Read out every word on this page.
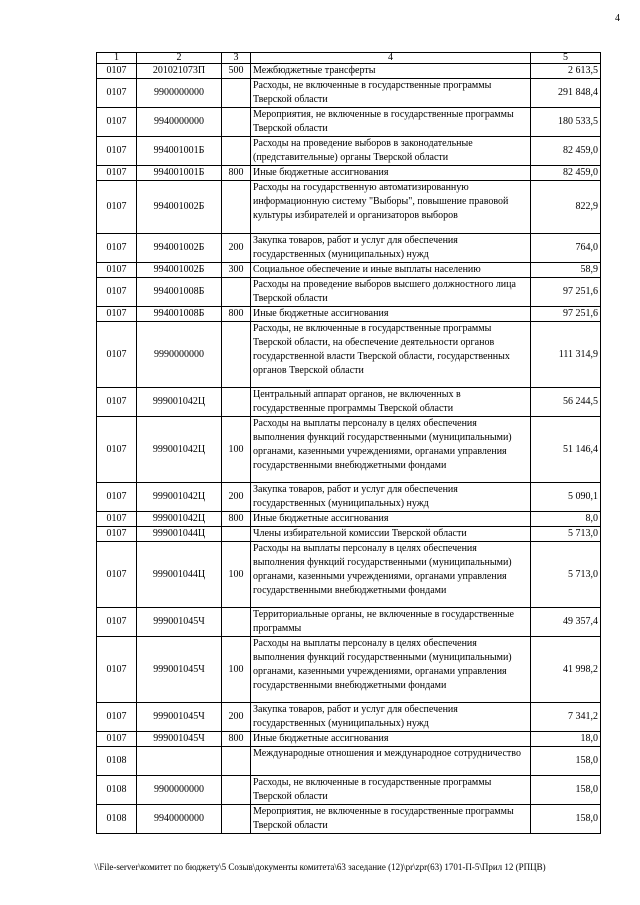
4
1	2	3	4	5
0107	201021073П	500	Межбюджетные трансферты	2 613,5
0107	9900000000		Расходы, не включенные в государственные программы Тверской области	291 848,4
0107	9940000000		Мероприятия, не включенные в государственные программы Тверской области	180 533,5
0107	994001001Б		Расходы на проведение выборов в законодательные (представительные) органы Тверской области	82 459,0
0107	994001001Б	800	Иные бюджетные ассигнования	82 459,0
0107	994001002Б		Расходы на государственную автоматизированную информационную систему "Выборы", повышение правовой культуры избирателей и организаторов выборов	822,9
0107	994001002Б	200	Закупка товаров, работ и услуг для обеспечения государственных (муниципальных) нужд	764,0
0107	994001002Б	300	Социальное обеспечение и иные выплаты населению	58,9
0107	994001008Б		Расходы на проведение выборов высшего должностного лица Тверской области	97 251,6
0107	994001008Б	800	Иные бюджетные ассигнования	97 251,6
0107	9990000000		Расходы, не включенные в государственные программы Тверской области, на обеспечение деятельности органов государственной власти Тверской области, государственных органов Тверской области	111 314,9
0107	999001042Ц		Центральный аппарат органов, не включенных в государственные программы Тверской области	56 244,5
0107	999001042Ц	100	Расходы на выплаты персоналу в целях обеспечения выполнения функций государственными (муниципальными) органами, казенными учреждениями, органами управления государственными внебюджетными фондами	51 146,4
0107	999001042Ц	200	Закупка товаров, работ и услуг для обеспечения государственных (муниципальных) нужд	5 090,1
0107	999001042Ц	800	Иные бюджетные ассигнования	8,0
0107	999001044Ц		Члены избирательной комиссии Тверской области	5 713,0
0107	999001044Ц	100	Расходы на выплаты персоналу в целях обеспечения выполнения функций государственными (муниципальными) органами, казенными учреждениями, органами управления государственными внебюджетными фондами	5 713,0
0107	999001045Ч		Территориальные органы, не включенные в государственные программы	49 357,4
0107	999001045Ч	100	Расходы на выплаты персоналу в целях обеспечения выполнения функций государственными (муниципальными) органами, казенными учреждениями, органами управления государственными внебюджетными фондами	41 998,2
0107	999001045Ч	200	Закупка товаров, работ и услуг для обеспечения государственных (муниципальных) нужд	7 341,2
0107	999001045Ч	800	Иные бюджетные ассигнования	18,0
0108			Международные отношения и международное сотрудничество	158,0
0108	9900000000		Расходы, не включенные в государственные программы Тверской области	158,0
0108	9940000000		Мероприятия, не включенные в государственные программы Тверской области	158,0
\\File-server\комитет по бюджету\5 Созыв\документы комитета\63 заседание (12)\pr\zpr(63) 1701-П-5\Прил 12 (РПЦВ)
